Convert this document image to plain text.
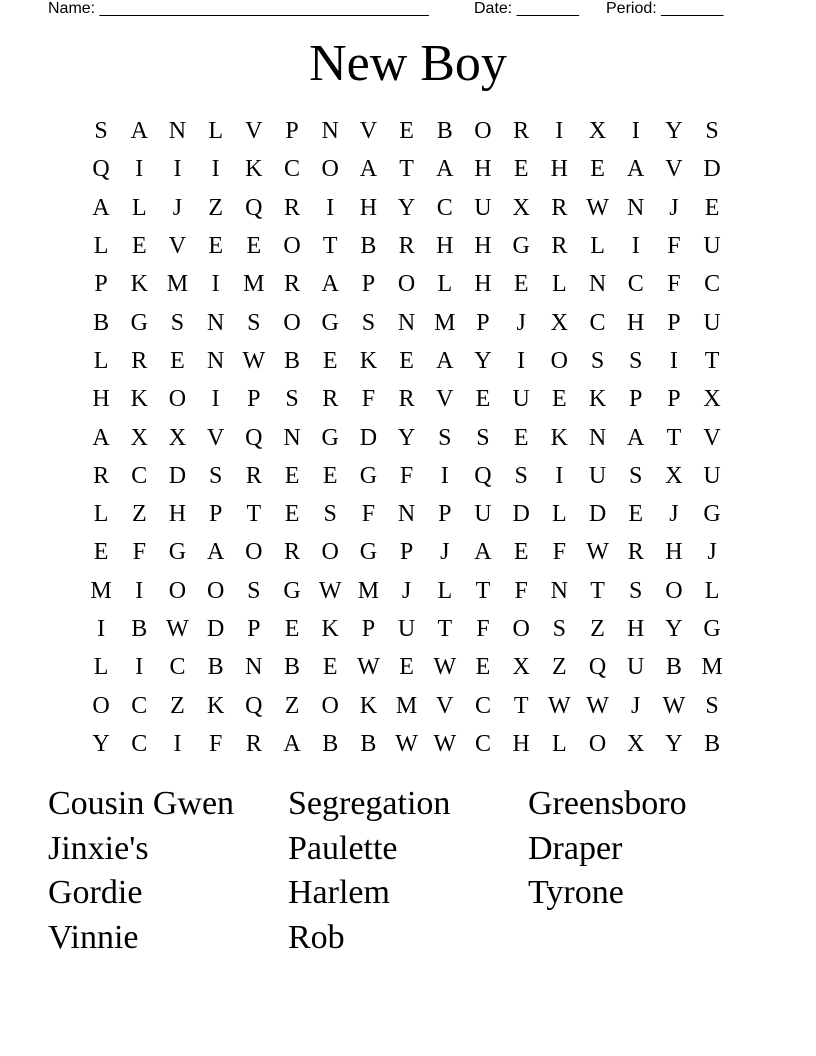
Name: _____________________________________	Date: _______ Period: _______
New Boy
S A N L V P N V E B O R	I	X	I	Y S
Q	I	I	I	K C O A T A H E H E A V D
A L	J	Z Q R	I	H Y C U X R W N	J	E
L E V E E O T B R H H G R L	I	F U
P K M I M R A P O L H E L N C F C
B G S N S O G S N M P	J	X C H P U
L R E N W B E K E A Y	I	O S	S	I	T
H K O	I	P	S R F R V E U E K P	P X
A X X V Q N G D Y S	S	E K N A T V
R C D S R E E G F	I	Q S	I	U S X U
L Z H P	T E	S	F N P U D L D E	J	G
E	F G A O R O G P	J	A E	F W R H	J
M I	O O S G W M J	L T	F N T	S O L
I	B W D P	E K P U T	F O S	Z H Y G
L	I	C B N B E W E W E X Z Q U B M
O C Z K Q Z O K M V C T W W J W S
Y C	I	F R A B B W W C H L O X Y B
Cousin Gwen	Segregation	Greensboro
Jinxie's	Paulette	Draper
Gordie	Harlem	Tyrone
Vinnie	Rob
